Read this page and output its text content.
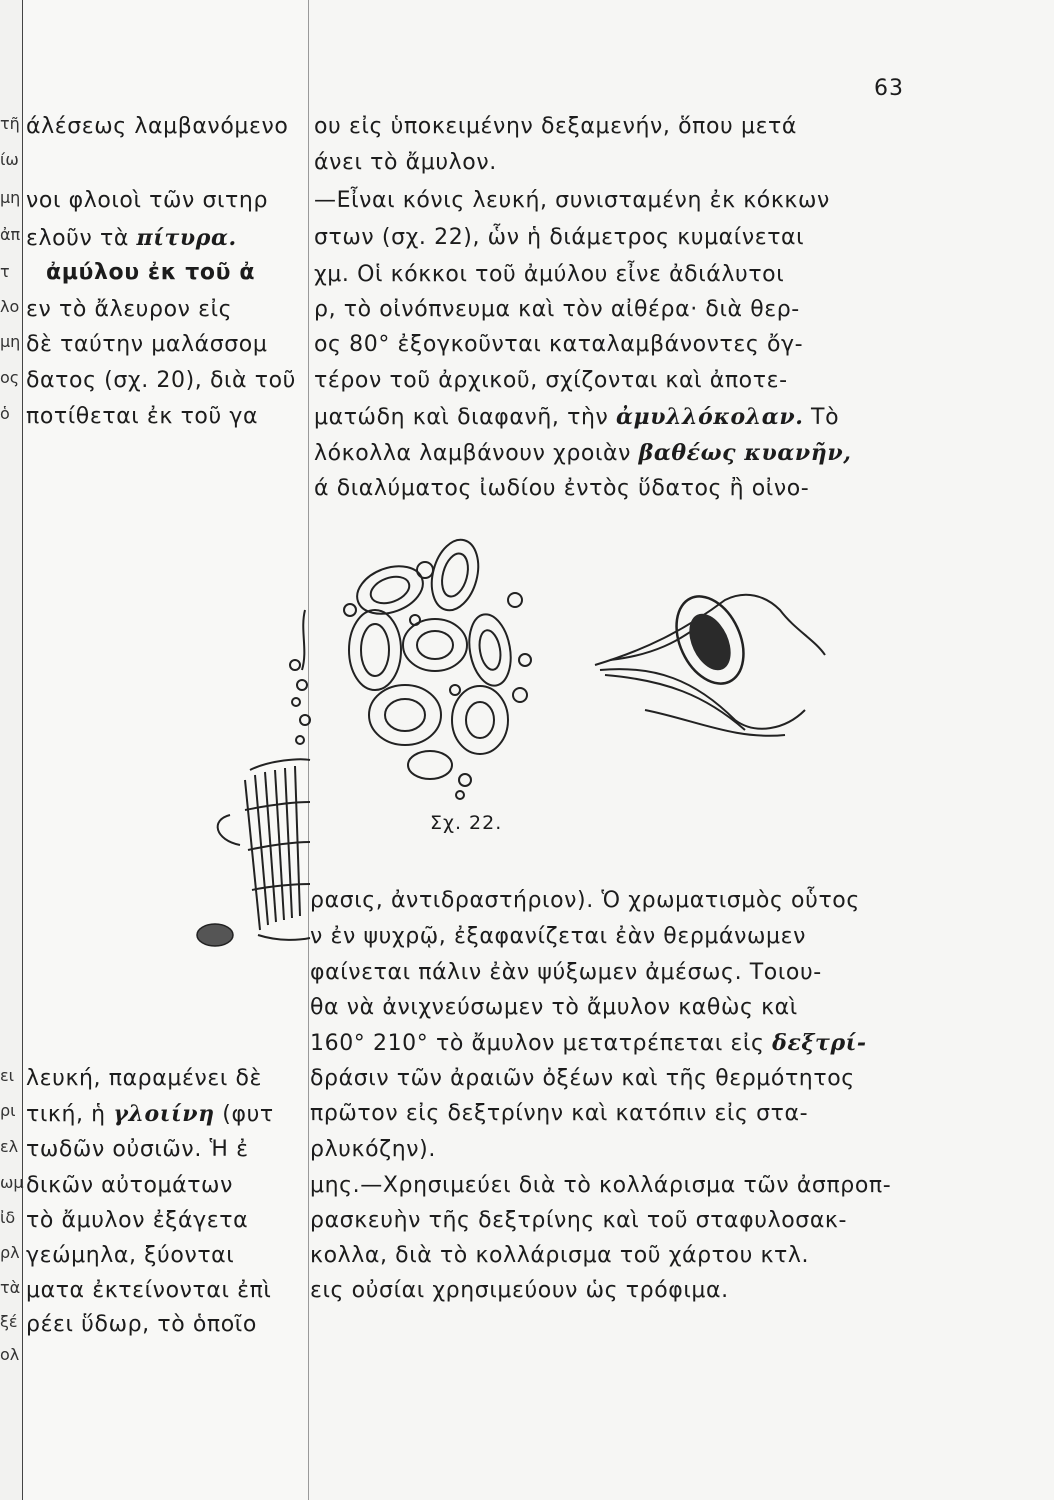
63
ου εἰς ὑποκειμένην δεξαμενήν, ὅπου μετά
άνει τὸ ἄμυλον.
—Εἶναι κόνις λευκή, συνισταμένη ἐκ κόκκων
στων (σχ. 22), ὧν ἡ διάμετρος κυμαίνεται
χμ. Οἱ κόκκοι τοῦ ἀμύλου εἶνε ἀδιάλυτοι
ρ, τὸ οἰνόπνευμα καὶ τὸν αἰθέρα· διὰ θερ-
ος 80° ἐξογκοῦνται καταλαμβάνοντες ὄγ-
τέρον τοῦ ἀρχικοῦ, σχίζονται καὶ ἀποτε-
ματώδη καὶ διαφανῆ, τὴν ἀμυλλόκολαν. Τὸ
λόκολλα λαμβάνουν χροιὰν βαθέως κυανῆν,
ά διαλύματος ἰωδίου ἐντὸς ὕδατος ἢ οἰνο-
Σχ. 22.
ρασις, ἀντιδραστήριον). Ὁ χρωματισμὸς οὗτος
ν ἐν ψυχρῷ, ἐξαφανίζεται ἐὰν θερμάνωμεν
φαίνεται πάλιν ἐὰν ψύξωμεν ἀμέσως. Τοιου-
θα νὰ ἀνιχνεύσωμεν τὸ ἄμυλον καθὼς καὶ
160° 210° τὸ ἄμυλον μετατρέπεται εἰς δεξτρί-
δράσιν τῶν ἀραιῶν ὀξέων καὶ τῆς θερμότητος
πρῶτον εἰς δεξτρίνην καὶ κατόπιν εἰς στα-
ρλυκόζην).
μης.—Χρησιμεύει διὰ τὸ κολλάρισμα τῶν ἀσπροπ-
ρασκευὴν τῆς δεξτρίνης καὶ τοῦ σταφυλοσακ-
κολλα, διὰ τὸ κολλάρισμα τοῦ χάρτου κτλ.
εις οὐσίαι χρησιμεύουν ὡς τρόφιμα.
άλέσεως λαμβανόμενο
νοι φλοιοὶ τῶν σιτηρ
ελοῦν τὰ πίτυρα.
ἀμύλου ἐκ τοῦ ἀ
εν τὸ ἄλευρον εἰς
δὲ ταύτην μαλάσσομ
δατος (σχ. 20), διὰ τοῦ
ποτίθεται ἐκ τοῦ γα
λευκή, παραμένει δὲ
τική, ἡ γλοιίνη (φυτ
τωδῶν οὐσιῶν. Ἡ ἐ
δικῶν αὐτομάτων
τὸ ἄμυλον ἐξάγετα
γεώμηλα, ξύονται
ματα ἐκτείνονται ἐπὶ
ρέει ὕδωρ, τὸ ὁποῖο
τῆ
ίω
μη
ἀπ
τ
λο
μη
ος
ὁ
ει
ρι
ελ
ωμ
ἰδ
ρλ
τὰ
ξέ
ολ
